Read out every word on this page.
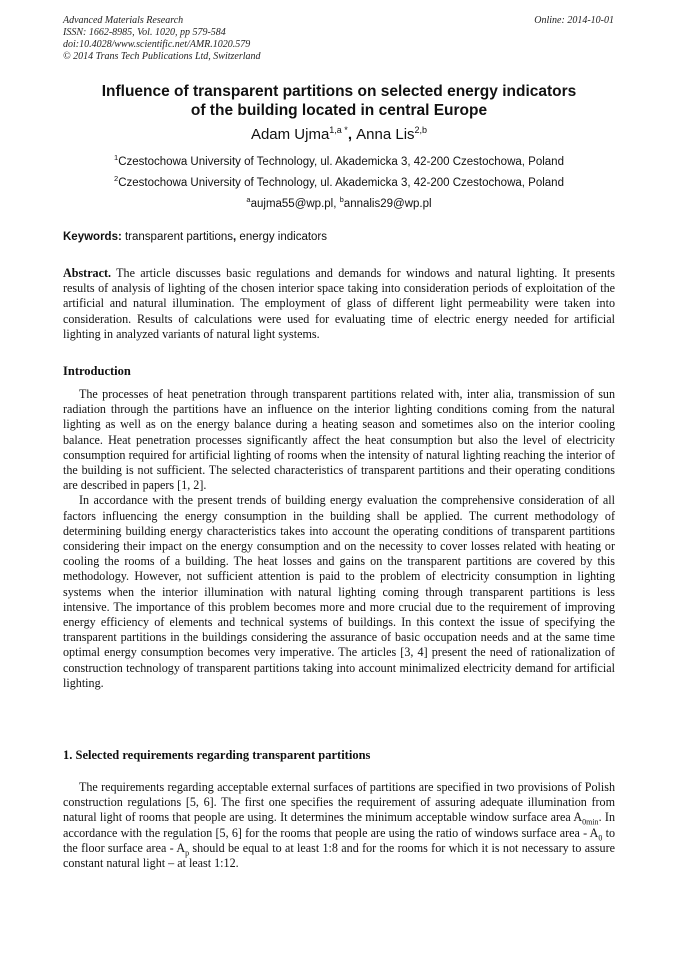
Advanced Materials Research
ISSN: 1662-8985, Vol. 1020, pp 579-584
doi:10.4028/www.scientific.net/AMR.1020.579
© 2014 Trans Tech Publications Ltd, Switzerland
Online: 2014-10-01
Influence of transparent partitions on selected energy indicators
of the building located in central Europe
Adam Ujma$^{1,a *}$, Anna Lis$^{2,b}$
$^1$Czestochowa University of Technology, ul. Akademicka 3, 42-200 Czestochowa, Poland
$^2$Czestochowa University of Technology, ul. Akademicka 3, 42-200 Czestochowa, Poland
$^a$aujma55@wp.pl, $^b$annalis29@wp.pl
Keywords: transparent partitions, energy indicators

Abstract. The article discusses basic regulations and demands for windows and natural lighting. It presents results of analysis of lighting of the chosen interior space taking into consideration periods of exploitation of the artificial and natural illumination. The employment of glass of different light permeability were taken into consideration. Results of calculations were used for evaluating time of electric energy needed for artificial lighting in analyzed variants of natural light systems.

Introduction

The processes of heat penetration through transparent partitions related with, inter alia, transmission of sun radiation through the partitions have an influence on the interior lighting conditions coming from the natural lighting as well as on the energy balance during a heating season and sometimes also on the interior cooling balance. Heat penetration processes significantly affect the heat consumption but also the level of electricity consumption required for artificial lighting of rooms when the intensity of natural lighting reaching the interior of the building is not sufficient. The selected characteristics of transparent partitions and their operating conditions are described in papers [1, 2].

In accordance with the present trends of building energy evaluation the comprehensive consideration of all factors influencing the energy consumption in the building shall be applied. The current methodology of determining building energy characteristics takes into account the operating conditions of transparent partitions considering their impact on the energy consumption and on the necessity to cover losses related with heating or cooling the rooms of a building. The heat losses and gains on the transparent partitions are covered by this methodology. However, not sufficient attention is paid to the problem of electricity consumption in lighting systems when the interior illumination with natural lighting coming through transparent partitions is less intensive. The importance of this problem becomes more and more crucial due to the requirement of improving energy efficiency of elements and technical systems of buildings. In this context the issue of specifying the transparent partitions in the buildings considering the assurance of basic occupation needs and at the same time optimal energy consumption becomes very imperative. The articles [3, 4] present the need of rationalization of construction technology of transparent partitions taking into account minimalized electricity demand for artificial lighting.

1. Selected requirements regarding transparent partitions

The requirements regarding acceptable external surfaces of partitions are specified in two provisions of Polish construction regulations [5, 6]. The first one specifies the requirement of assuring adequate illumination from natural light of rooms that people are using. It determines the minimum acceptable window surface area $A_{0min}$. In accordance with the regulation [5, 6] for the rooms that people are using the ratio of windows surface area - $A_0$ to the floor surface area - $A_p$ should be equal to at least 1:8 and for the rooms for which it is not necessary to assure constant natural light – at least 1:12.
